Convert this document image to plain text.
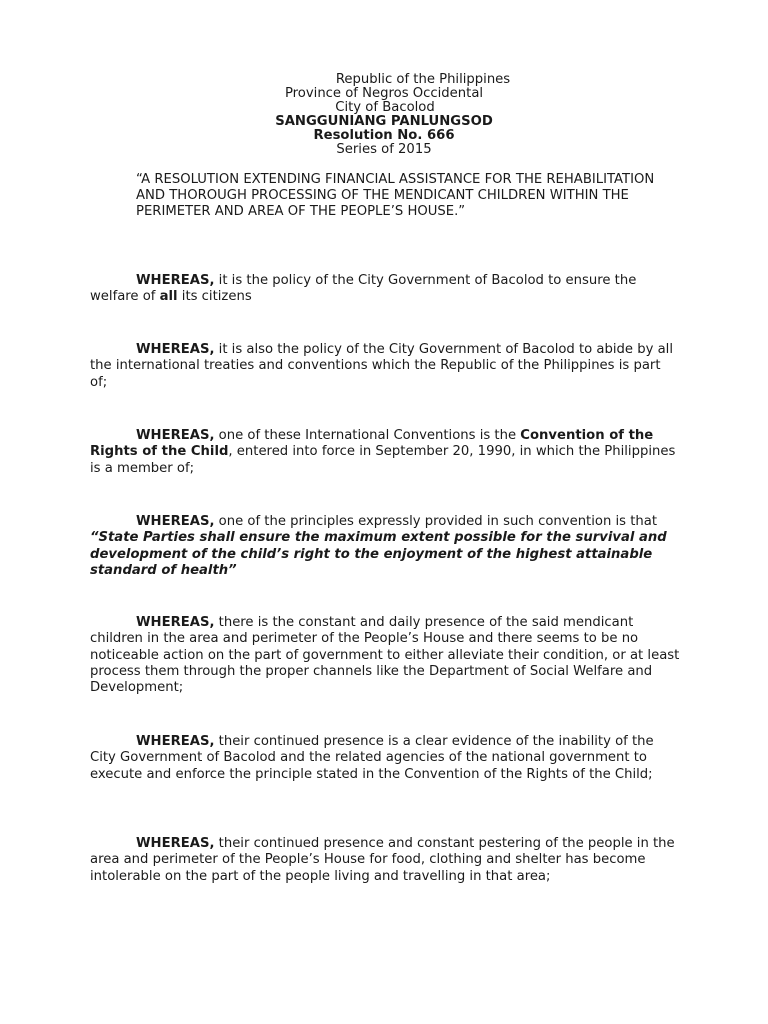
Republic of the Philippines
Province of Negros Occidental
City of Bacolod
SANGGUNIANG PANLUNGSOD
Resolution No. 666
Series of 2015
“A RESOLUTION EXTENDING FINANCIAL ASSISTANCE FOR THE REHABILITATION AND THOROUGH PROCESSING OF THE MENDICANT CHILDREN WITHIN THE PERIMETER AND AREA OF THE PEOPLE’S HOUSE.”

WHEREAS, it is the policy of the City Government of Bacolod to ensure the welfare of all its citizens

WHEREAS, it is also the policy of the City Government of Bacolod to abide by all the international treaties and conventions which the Republic of the Philippines is part of;

WHEREAS, one of these International Conventions is the Convention of the Rights of the Child, entered into force in September 20, 1990, in which the Philippines is a member of;

WHEREAS, one of the principles expressly provided in such convention is that “State Parties shall ensure the maximum extent possible for the survival and development of the child’s right to the enjoyment of the highest attainable standard of health”

WHEREAS, there is the constant and daily presence of the said mendicant children in the area and perimeter of the People’s House and there seems to be no noticeable action on the part of government to either alleviate their condition, or at least process them through the proper channels like the Department of Social Welfare and Development;

WHEREAS, their continued presence is a clear evidence of the inability of the City Government of Bacolod and the related agencies of the national government to execute and enforce the principle stated in the Convention of the Rights of the Child;

WHEREAS, their continued presence and constant pestering of the people in the area and perimeter of the People’s House for food, clothing and shelter has become intolerable on the part of the people living and travelling in that area;
